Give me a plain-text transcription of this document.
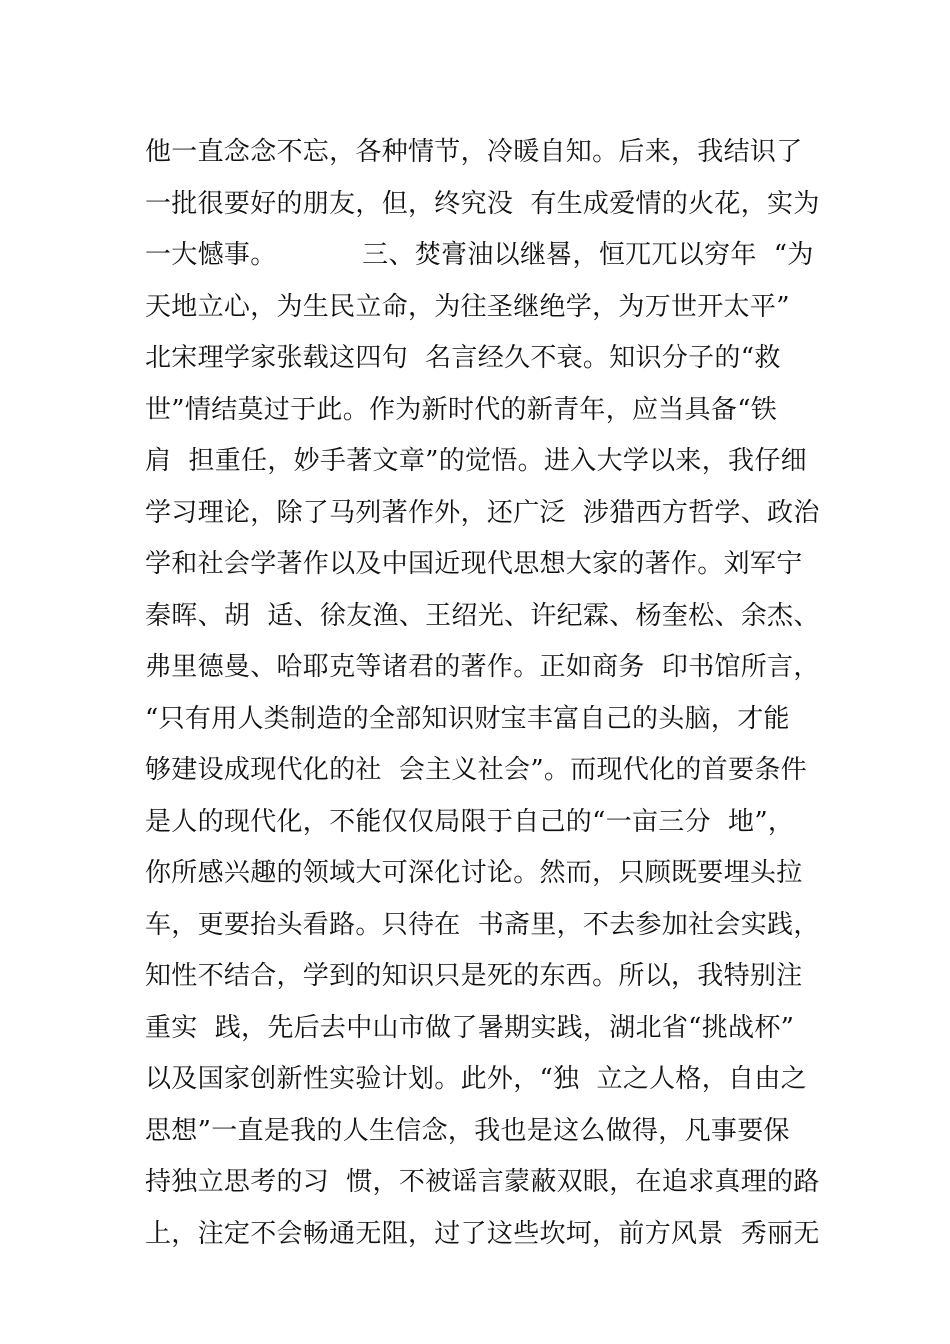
他一直念念不忘，各种情节，冷暖自知。后来，我结识了
一批很要好的朋友，但，终究没  有生成爱情的火花，实为
一大憾事。          三、焚膏油以继晷，恒兀兀以穷年  “为
天地立心，为生民立命，为往圣继绝学，为万世开太平”
北宋理学家张载这四句  名言经久不衰。知识分子的“救
世”情结莫过于此。作为新时代的新青年，应当具备“铁
肩  担重任，妙手著文章”的觉悟。进入大学以来，我仔细
学习理论，除了马列著作外，还广泛  涉猎西方哲学、政治
学和社会学著作以及中国近现代思想大家的著作。刘军宁
秦晖、胡  适、徐友渔、王绍光、许纪霖、杨奎松、余杰、
弗里德曼、哈耶克等诸君的著作。正如商务  印书馆所言，
“只有用人类制造的全部知识财宝丰富自己的头脑，才能
够建设成现代化的社  会主义社会”。而现代化的首要条件
是人的现代化，不能仅仅局限于自己的“一亩三分  地”，
你所感兴趣的领域大可深化讨论。然而，只顾既要埋头拉
车，更要抬头看路。只待在  书斋里，不去参加社会实践，
知性不结合，学到的知识只是死的东西。所以，我特别注
重实  践，先后去中山市做了暑期实践，湖北省“挑战杯”
以及国家创新性实验计划。此外，“独  立之人格，自由之
思想”一直是我的人生信念，我也是这么做得，凡事要保
持独立思考的习  惯，不被谣言蒙蔽双眼，在追求真理的路
上，注定不会畅通无阻，过了这些坎坷，前方风景  秀丽无
